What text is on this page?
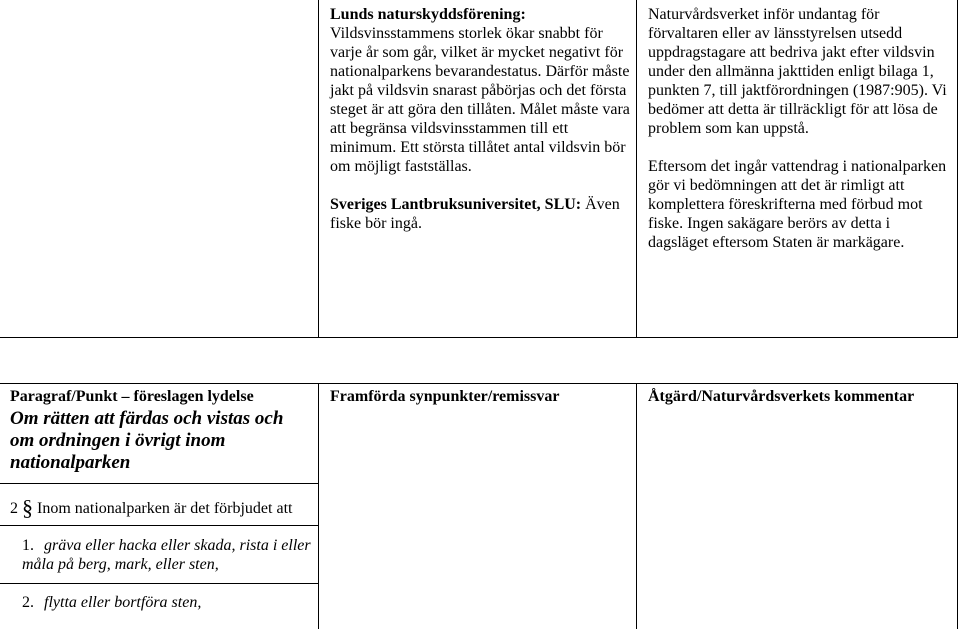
Lunds naturskyddsförening:
Vildsvinsstammens storlek ökar snabbt för varje år som går, vilket är mycket negativt för nationalparkens bevarandestatus. Därför måste jakt på vildsvin snarast påbörjas och det första steget är att göra den tillåten. Målet måste vara att begränsa vildsvinsstammen till ett minimum. Ett största tillåtet antal vildsvin bör om möjligt fastställas.

Sveriges Lantbruksuniversitet, SLU: Även fiske bör ingå.

Naturvårdsverket inför undantag för förvaltaren eller av länsstyrelsen utsedd uppdragstagare att bedriva jakt efter vildsvin under den allmänna jakttiden enligt bilaga 1, punkten 7, till jaktförordningen (1987:905). Vi bedömer att detta är tillräckligt för att lösa de problem som kan uppstå.

Eftersom det ingår vattendrag i nationalparken gör vi bedömningen att det är rimligt att komplettera föreskrifterna med förbud mot fiske. Ingen sakägare berörs av detta i dagsläget eftersom Staten är markägare.

Paragraf/Punkt – föreslagen lydelse	Framförda synpunkter/remissvar	Åtgärd/Naturvårdsverkets kommentar
Om rätten att färdas och vistas och om ordningen i övrigt inom nationalparken
2 § Inom nationalparken är det förbjudet att
1. gräva eller hacka eller skada, rista i eller måla på berg, mark, eller sten,
2. flytta eller bortföra sten,
